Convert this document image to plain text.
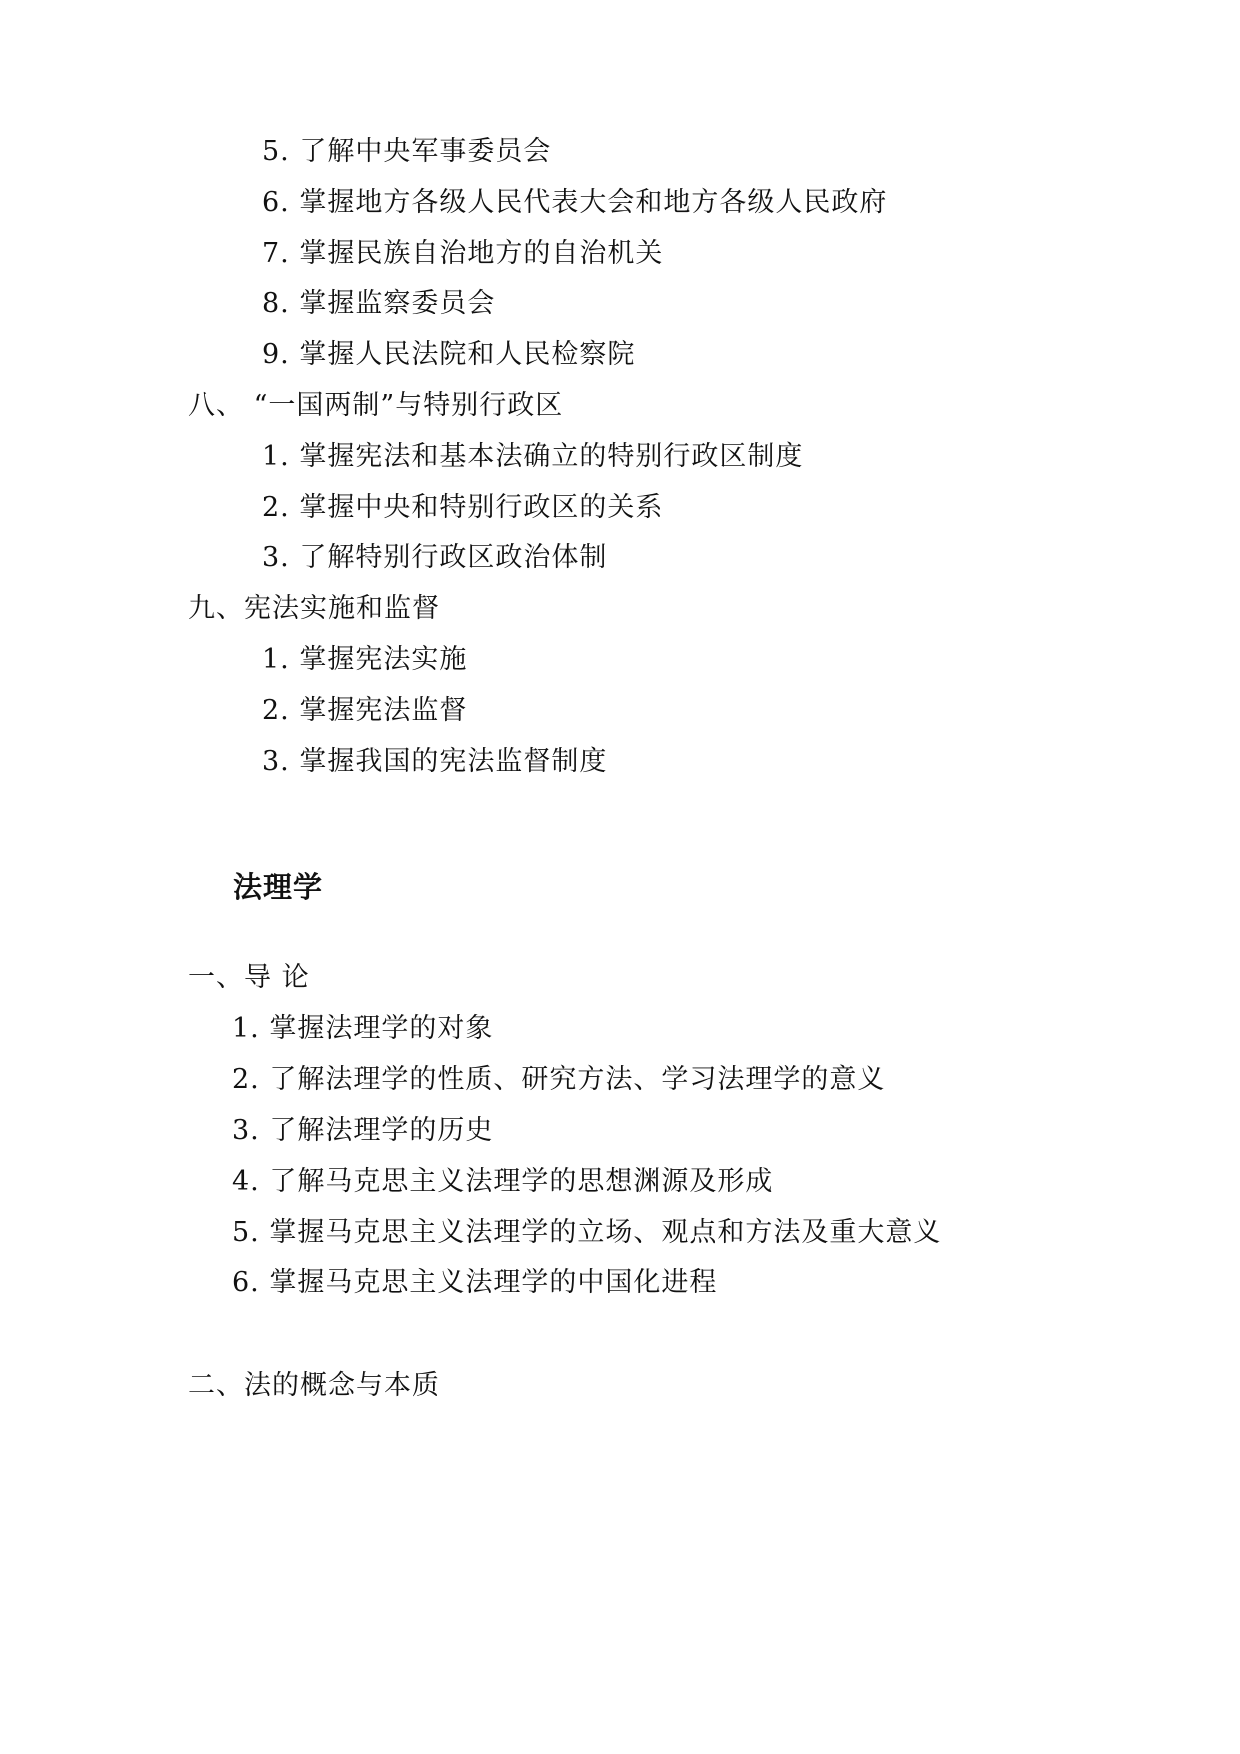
5. 了解中央军事委员会
6. 掌握地方各级人民代表大会和地方各级人民政府
7. 掌握民族自治地方的自治机关
8. 掌握监察委员会
9. 掌握人民法院和人民检察院
八、 “一国两制”与特别行政区
1. 掌握宪法和基本法确立的特别行政区制度
2. 掌握中央和特别行政区的关系
3. 了解特别行政区政治体制
九、宪法实施和监督
1. 掌握宪法实施
2. 掌握宪法监督
3. 掌握我国的宪法监督制度
法理学
一、导 论
1. 掌握法理学的对象
2. 了解法理学的性质、研究方法、学习法理学的意义
3. 了解法理学的历史
4. 了解马克思主义法理学的思想渊源及形成
5. 掌握马克思主义法理学的立场、观点和方法及重大意义
6. 掌握马克思主义法理学的中国化进程
二、法的概念与本质
